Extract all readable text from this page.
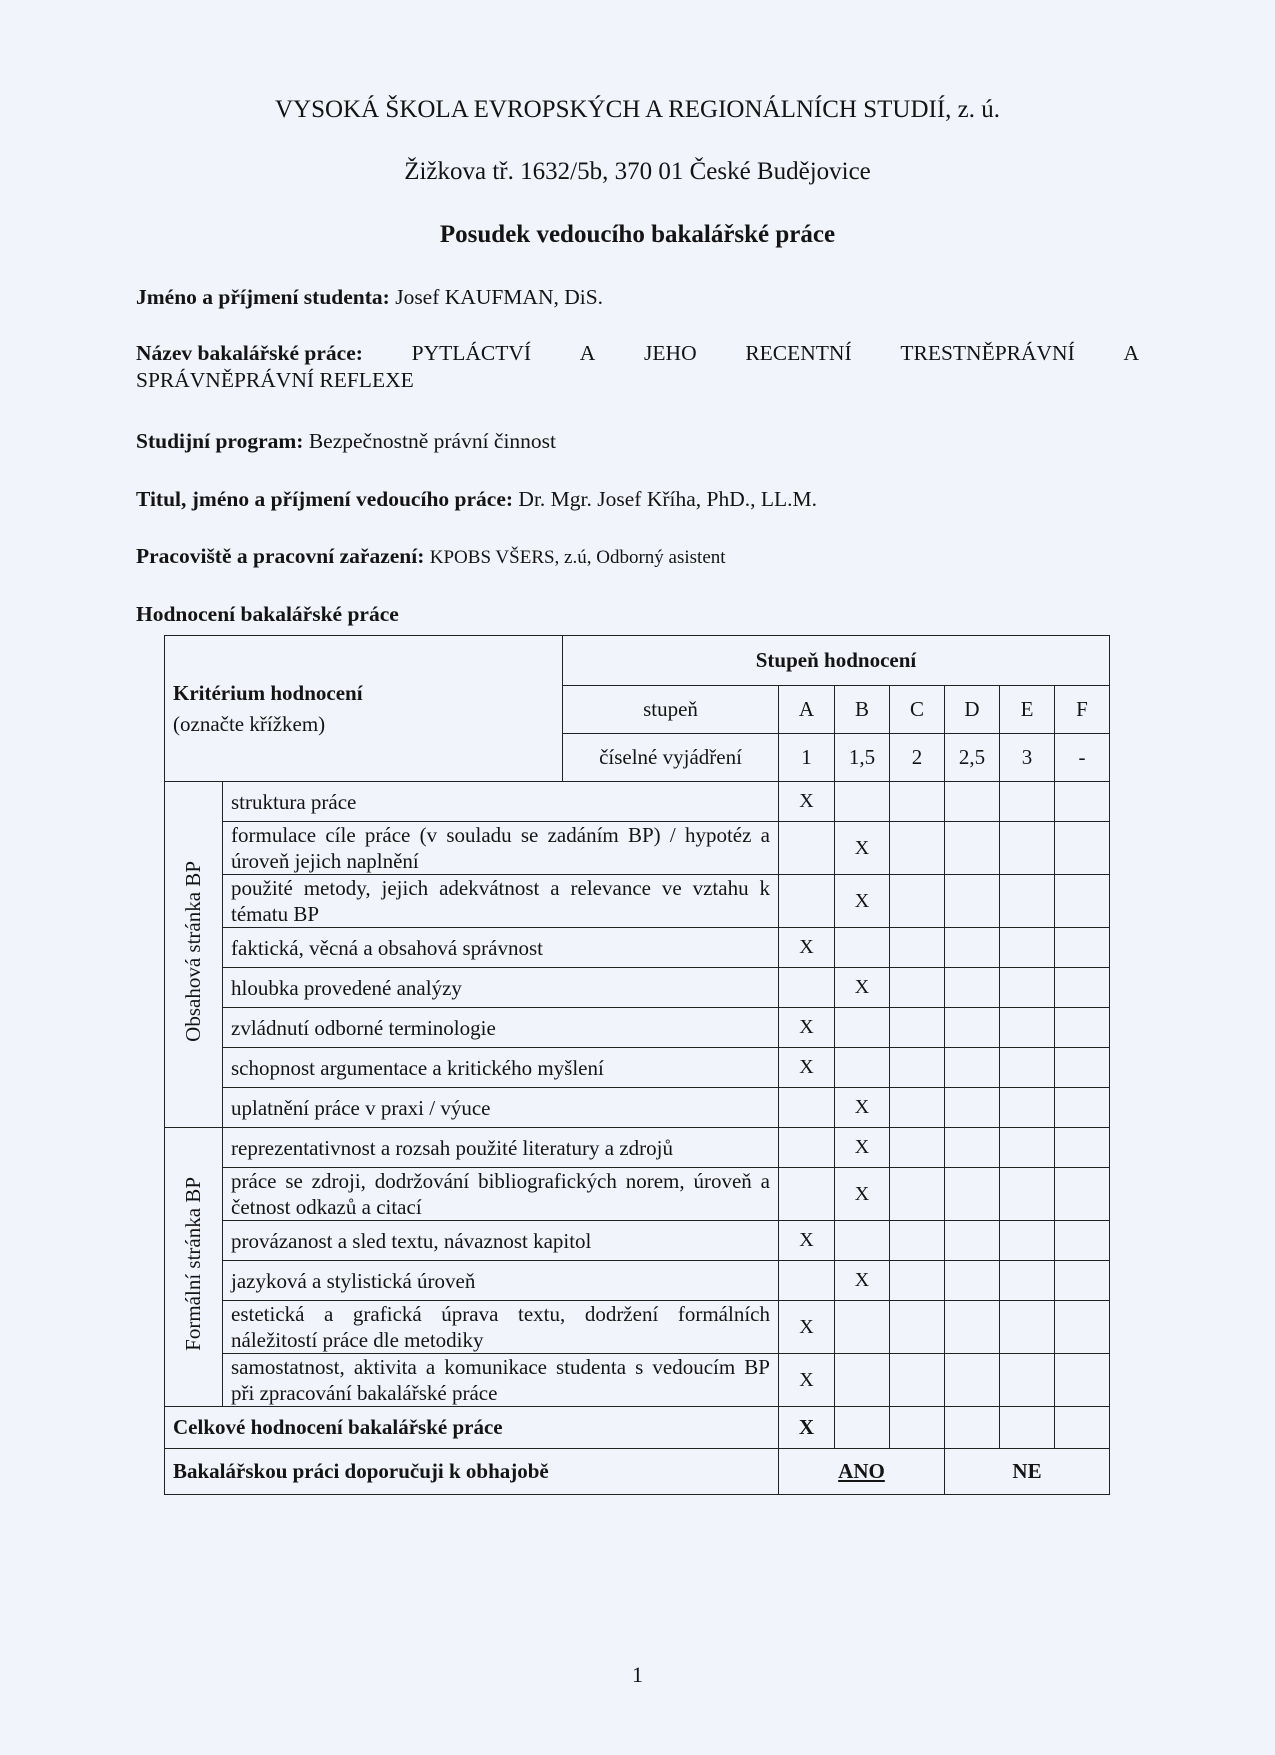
VYSOKÁ ŠKOLA EVROPSKÝCH A REGIONÁLNÍCH STUDIÍ, z. ú.
Žižkova tř. 1632/5b, 370 01 České Budějovice
Posudek vedoucího bakalářské práce
Jméno a příjmení studenta: Josef KAUFMAN, DiS.
Název bakalářské práce: PYTLÁCTVÍ A JEHO RECENTNÍ TRESTNĚPRÁVNÍ A
SPRÁVNĚPRÁVNÍ REFLEXE
Studijní program: Bezpečnostně právní činnost
Titul, jméno a příjmení vedoucího práce: Dr. Mgr. Josef Kříha, PhD., LL.M.
Pracoviště a pracovní zařazení: KPOBS VŠERS, z.ú, Odborný asistent
Hodnocení bakalářské práce
Kritérium hodnocení
(označte křížkem)		Stupeň hodnocení						
		stupeň	A	B	C	D	E	F
		číselné vyjádření	1	1,5	2	2,5	3	-
Obsahová stránka BP	struktura práce		X					
	formulace cíle práce (v souladu se zadáním BP) / hypotéz a úroveň jejich naplnění			X				
	použité metody, jejich adekvátnost a relevance ve vztahu k tématu BP			X				
	faktická, věcná a obsahová správnost		X					
	hloubka provedené analýzy			X				
	zvládnutí odborné terminologie		X					
	schopnost argumentace a kritického myšlení		X					
	uplatnění práce v praxi / výuce			X				
Formální stránka BP	reprezentativnost a rozsah použité literatury a zdrojů			X				
	práce se zdroji, dodržování bibliografických norem, úroveň a četnost odkazů a citací			X				
	provázanost a sled textu, návaznost kapitol		X					
	jazyková a stylistická úroveň			X				
	estetická a grafická úprava textu, dodržení formálních náležitostí práce dle metodiky		X					
	samostatnost, aktivita a komunikace studenta s vedoucím BP při zpracování bakalářské práce		X					
Celkové hodnocení bakalářské práce			X					
Bakalářskou práci doporučuji k obhajobě			ANO			NE		
1
